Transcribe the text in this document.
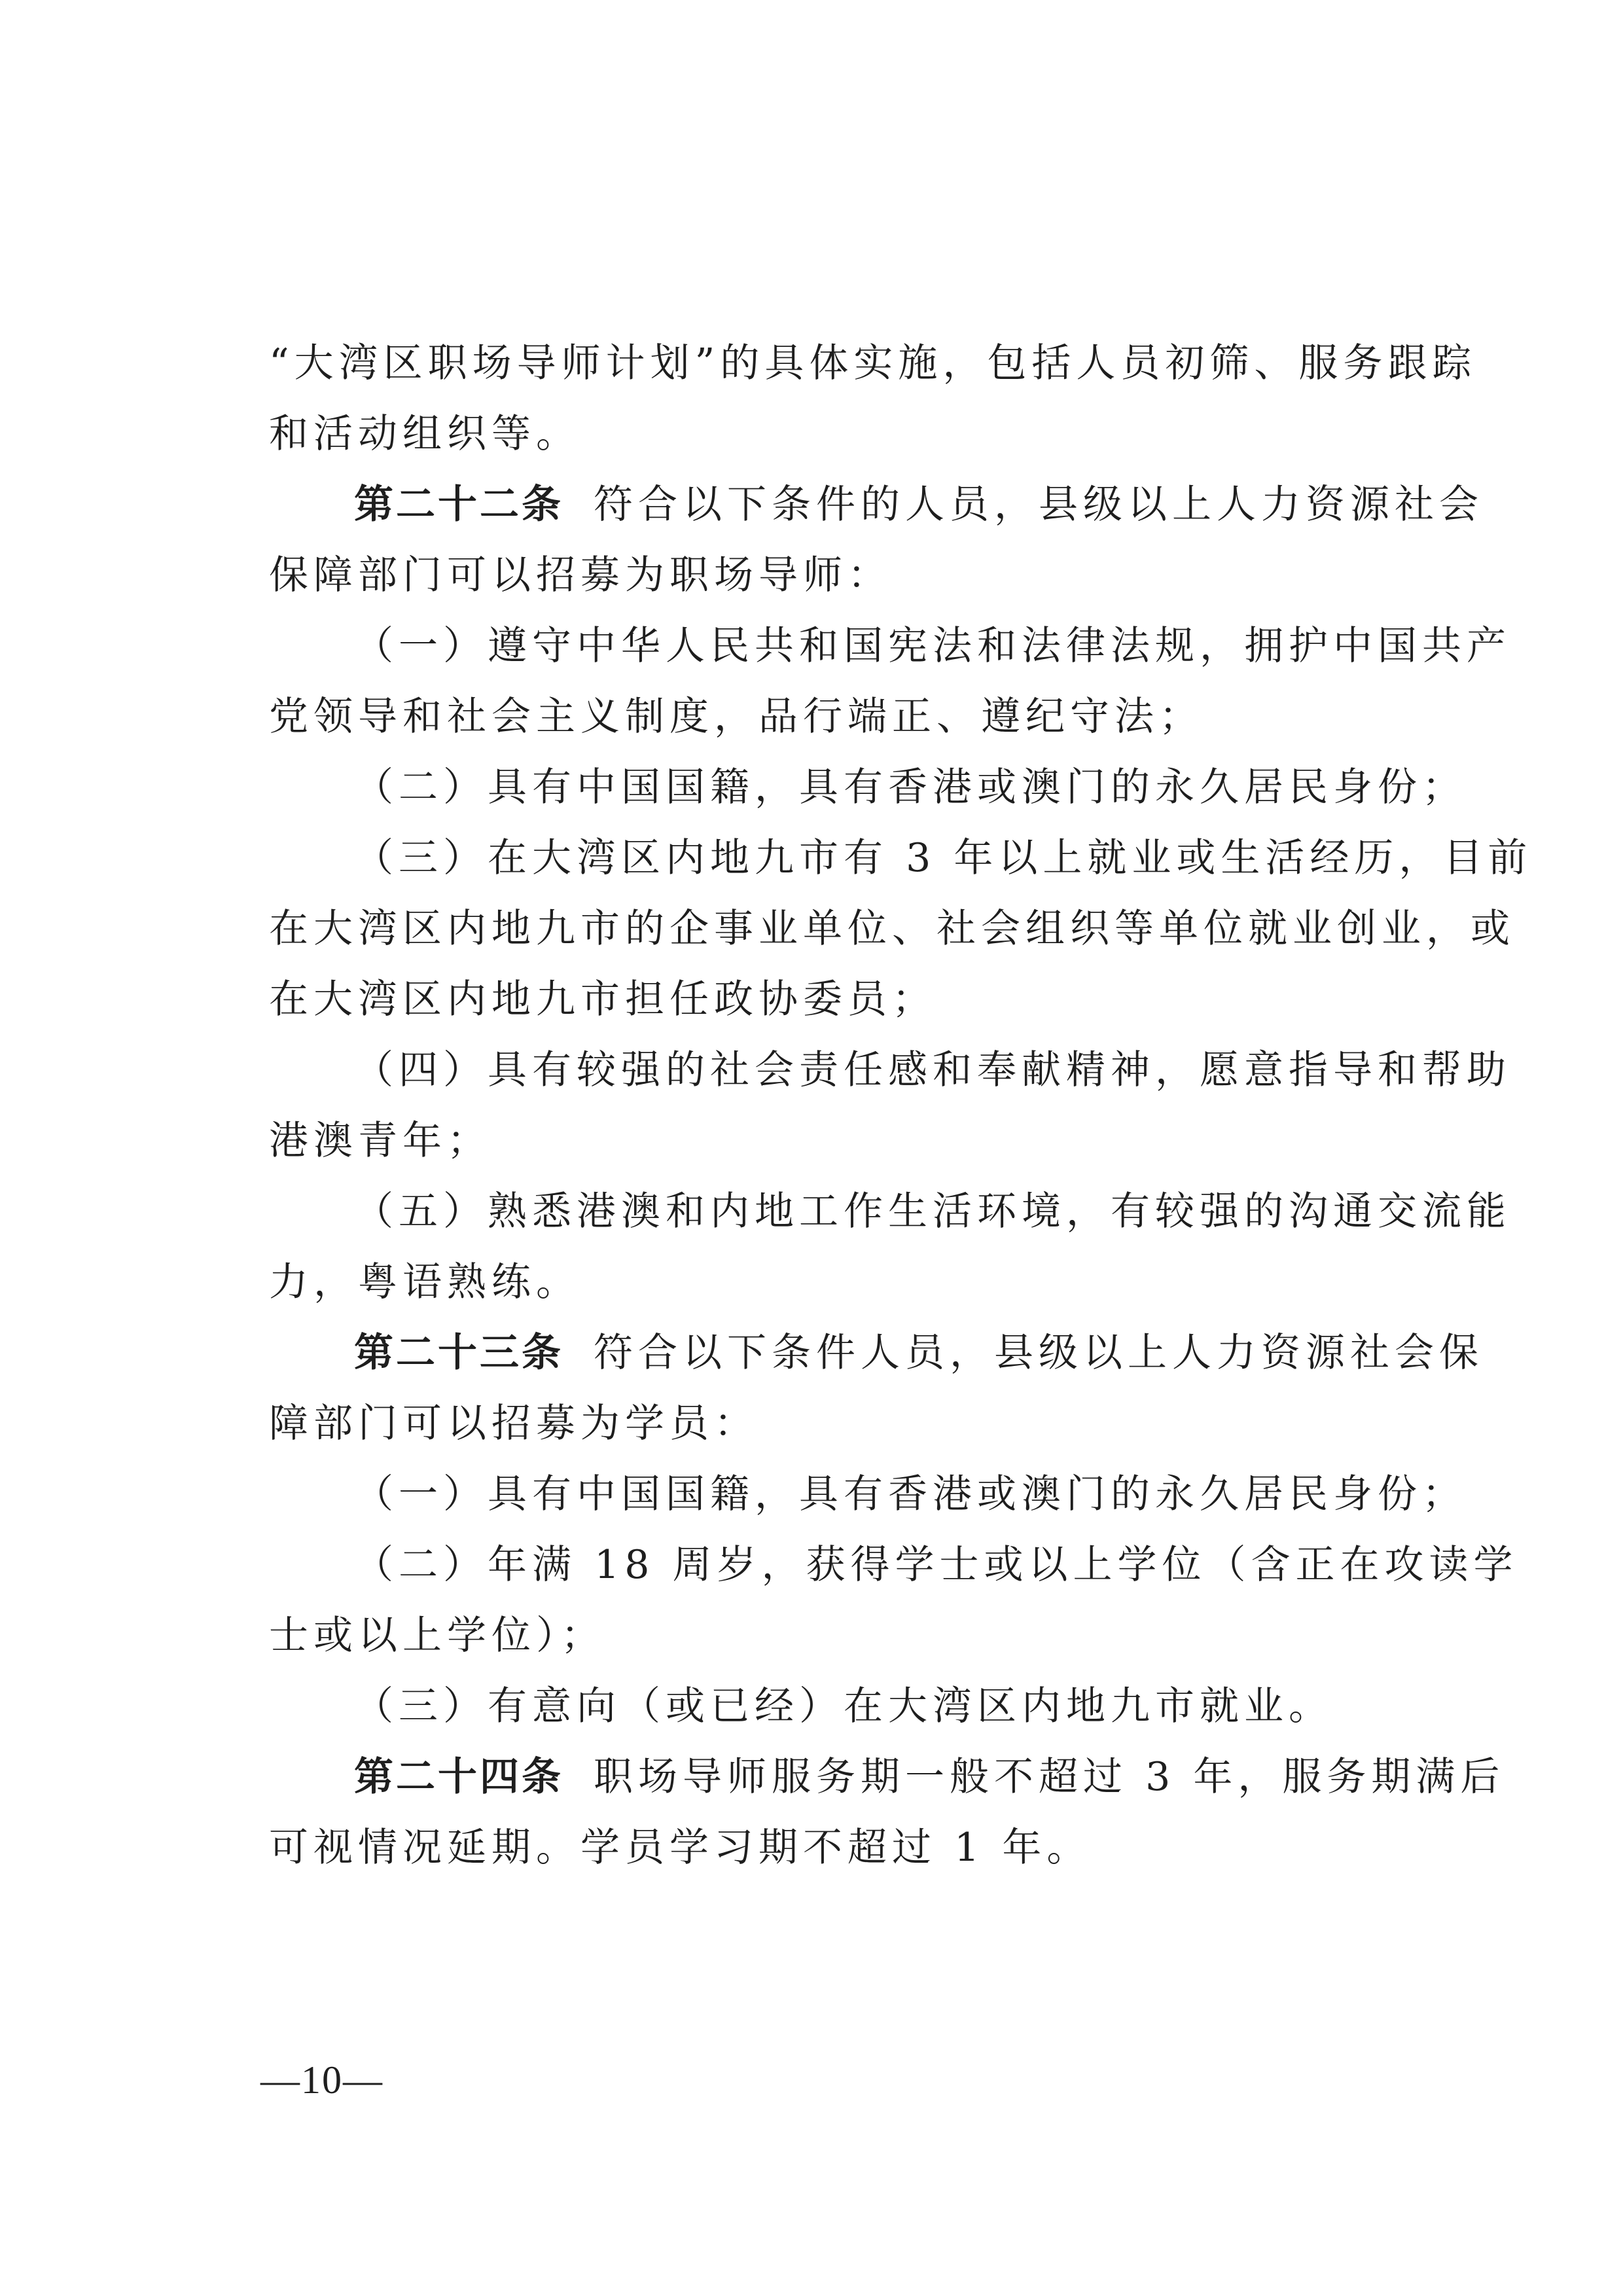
“大湾区职场导师计划”的具体实施，包括人员初筛、服务跟踪
和活动组织等。
第二十二条 符合以下条件的人员，县级以上人力资源社会
保障部门可以招募为职场导师：
（一）遵守中华人民共和国宪法和法律法规，拥护中国共产
党领导和社会主义制度，品行端正、遵纪守法；
（二）具有中国国籍，具有香港或澳门的永久居民身份；
（三）在大湾区内地九市有 3 年以上就业或生活经历，目前
在大湾区内地九市的企事业单位、社会组织等单位就业创业，或
在大湾区内地九市担任政协委员；
（四）具有较强的社会责任感和奉献精神，愿意指导和帮助
港澳青年；
（五）熟悉港澳和内地工作生活环境，有较强的沟通交流能
力，粤语熟练。
第二十三条 符合以下条件人员，县级以上人力资源社会保
障部门可以招募为学员：
（一）具有中国国籍，具有香港或澳门的永久居民身份；
（二）年满 18 周岁，获得学士或以上学位（含正在攻读学
士或以上学位）；
（三）有意向（或已经）在大湾区内地九市就业。
第二十四条 职场导师服务期一般不超过 3 年，服务期满后
可视情况延期。学员学习期不超过 1 年。
—10—
